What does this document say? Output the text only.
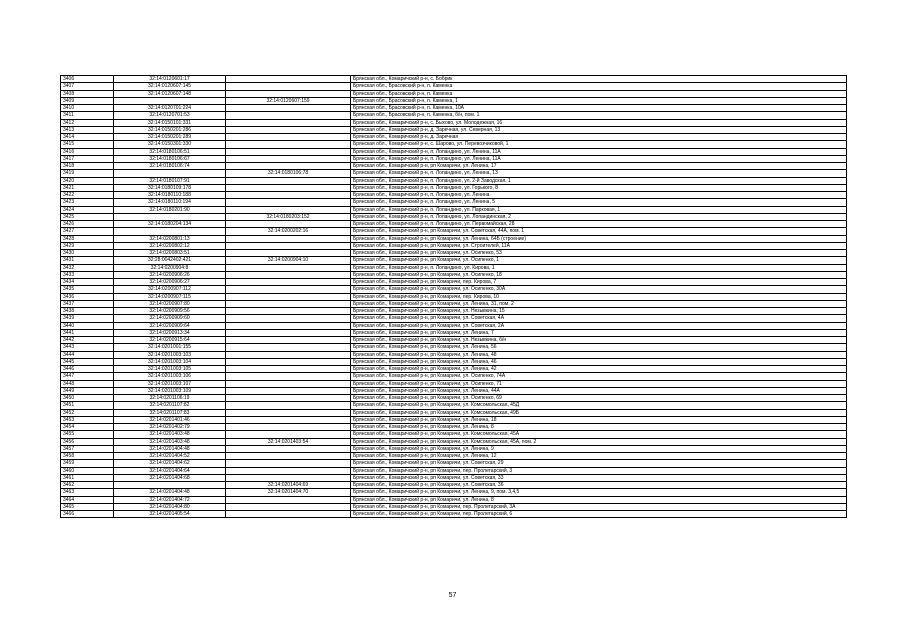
3406	32:14:0120601:17		Брянская обл., Комаричский р-н, с. Бобрик
3407	32:14:0120607:145		Брянская обл., Брасовский р-н, п. Каменка
3408	32:14:0120607:148		Брянская обл., Брасовский р-н, п. Каменка
3409		32:14:0120607:159	Брянская обл., Брасовский р-н, п. Каменка, 1
3410	32:14:0120701:224		Брянская обл., Брасовский р-н, п. Каменка, 10А
3411	32:14:0120701:53		Брянская обл., Брасовский р-н, п. Каменка, б/н, пом. 1
3412	32:14:0150101:331		Брянская обл., Комаричский р-н, с. Быхово, ул. Молодежная, 16
3413	32:14:0150201:286		Брянская обл., Комаричский р-н, д. Заречная, ул. Северная, 13
3414	32:14:0150201:289		Брянская обл., Комаричский р-н, д. Заречная
3415	32:14:0150301:330		Брянская обл., Комаричский р-н, с. Шарово, ул. Перевозчиковой, 1
3416	32:14:0180106:51		Брянская обл., Комаричский р-н, п. Лопандино, ул. Ленина, 11А
3417	32:14:0180106:67		Брянская обл., Комаричский р-н, п. Лопандино, ул. Ленина, 11А
3418	32:14:0180106:74		Брянская обл., Комаричский р-н, рп Комаричи, ул. Ленина, 17
3419		32:14:0180106:78	Брянская обл., Комаричский р-н, п. Лопандино, ул. Ленина, 13
3420	32:14:0180107:91		Брянская обл., Комаричский р-н, п. Лопандино, ул. 2-й Заводская, 1
3421	32:14:0180109:178		Брянская обл., Комаричский р-н, п. Лопандино, ул. Горького, 8
3422	32:14:0180110:188		Брянская обл., Комаричский р-н, п. Лопандино, ул. Ленина
3423	32:14:0180110:194		Брянская обл., Комаричский р-н, п. Лопандино, ул. Ленина, 5
3424	32:14:0180201:90		Брянская обл., Комаричский р-н, п. Лопандино, ул. Парковая, 1
3425		32:14:0180203:152	Брянская обл., Комаричский р-н, п. Лопандино, ул. Лопандинская, 2
3426	32:14:0180204:134		Брянская обл., Комаричский р-н, п. Лопандино, ул. Первомайская, 28
3427		32:14:0200202:16	Брянская обл., Комаричский р-н, рп Комаричи, ул. Советская, 44А, пом. 1
3428	32:14:0200801:13		Брянская обл., Комаричский р-н, рп Комаричи, ул. Ленина, 64Б (строение)
3429	32:14:0200802:12		Брянская обл., Комаричский р-н, рп Комаричи, ул. Строителей, 11А
3430	32:14:0200803:51		Брянская обл., Комаричский р-н, рп Комаричи, ул. Осипенко, 53
3431	32:28:0042402:421	32:14:0200904:10	Брянская обл., Комаричский р-н, рп Комаричи, ул. Осипенко, 1
3432	32:14:0200904:8		Брянская обл., Комаричский р-н, п. Лопандино, ул. Кирова, 1
3433	32:14:0200906:26		Брянская обл., Комаричский р-н, рп Комаричи, ул. Осипенко, 18
3434	32:14:0200906:27		Брянская обл., Комаричский р-н, рп Комаричи, пер. Кирова, 7
3435	32:14:0200907:112		Брянская обл., Комаричский р-н, рп Комаричи, ул. Осипенко, 30А
3436	32:14:0200907:115		Брянская обл., Комаричский р-н, рп Комаричи, пер. Кирова, 10
3437	32:14:0200907:80		Брянская обл., Комаричский р-н, рп Комаричи, ул. Ленина, 31, пом. 2
3438	32:14:0200909:56		Брянская обл., Комаричский р-н, рп Комаричи, ул. Незывкина, 15
3439	32:14:0200909:60		Брянская обл., Комаричский р-н, рп Комаричи, ул. Советская, 4А
3440	32:14:0200909:64		Брянская обл., Комаричский р-н, рп Комаричи, ул. Советская, 2А
3441	32:14:0200913:34		Брянская обл., Комаричский р-н, рп Комаричи, ул. Ленина, 7
3442	32:14:0200915:64		Брянская обл., Комаричский р-н, рп Комаричи, ул. Незывкина, б/н
3443	32:14:0201001:155		Брянская обл., Комаричский р-н, рп Комаричи, ул. Ленина, 56
3444	32:14:0201003:103		Брянская обл., Комаричский р-н, рп Комаричи, ул. Ленина, 48
3445	32:14:0201003:104		Брянская обл., Комаричский р-н, рп Комаричи, ул. Ленина, 46
3446	32:14:0201003:105		Брянская обл., Комаричский р-н, рп Комаричи, ул. Ленина, 42
3447	32:14:0201003:106		Брянская обл., Комаричский р-н, рп Комаричи, ул. Осипенко, 74А
3448	32:14:0201003:107		Брянская обл., Комаричский р-н, рп Комаричи, ул. Осипенко, 71
3449	32:14:0201003:109		Брянская обл., Комаричский р-н, рп Комаричи, ул. Ленина, 44А
3450	32:14:0201106:19		Брянская обл., Комаричский р-н, рп Комаричи, ул. Осипенко, 69
3451	32:14:0201107:82		Брянская обл., Комаричский р-н, рп Комаричи, ул. Комсомольская, 45Д
3452	32:14:0201107:83		Брянская обл., Комаричский р-н, рп Комаричи, ул. Комсомольская, 49Б
3453	32:14:0201401:46		Брянская обл., Комаричский р-н, рп Комаричи, ул. Ленина, 18
3454	32:14:0201402:79		Брянская обл., Комаричский р-н, рп Комаричи, ул. Ленина, 8
3455	32:14:0201403:48		Брянская обл., Комаричский р-н, рп Комаричи, ул. Комсомольская, 45А
3456	32:14:0201403:48	32:14:0201403:54	Брянская обл., Комаричский р-н, рп Комаричи, ул. Комсомольская, 45А, пом. 2
3457	32:14:0201404:48		Брянская обл., Комаричский р-н, рп Комаричи, ул. Ленина, 9
3458	32:14:0201404:52		Брянская обл., Комаричский р-н, рп Комаричи, ул. Ленина, 12
3459	32:14:0201404:62		Брянская обл., Комаричский р-н, рп Комаричи, ул. Советская, 29
3460	32:14:0201404:64		Брянская обл., Комаричский р-н, рп Комаричи, пер. Пролетарский, 3
3461	32:14:0201404:68		Брянская обл., Комаричский р-н, рп Комаричи, ул. Советская, 33
3462		32:14:0201404:69	Брянская обл., Комаричский р-н, рп Комаричи, ул. Советская, 36
3463	32:14:0201404:48	32:14:0201404:70	Брянская обл., Комаричский р-н, рп Комаричи, ул. Ленина, 9, пом. 3,4,5
3464	32:14:0201404:72		Брянская обл., Комаричский р-н, рп Комаричи, ул. Ленина, 8
3465	32:14:0201404:80		Брянская обл., Комаричский р-н, рп Комаричи, пер. Пролетарский, 3А
3466	32:14:0201405:54		Брянская обл., Комаричский р-н, рп Комаричи, пер. Пролетарский, 6
57
